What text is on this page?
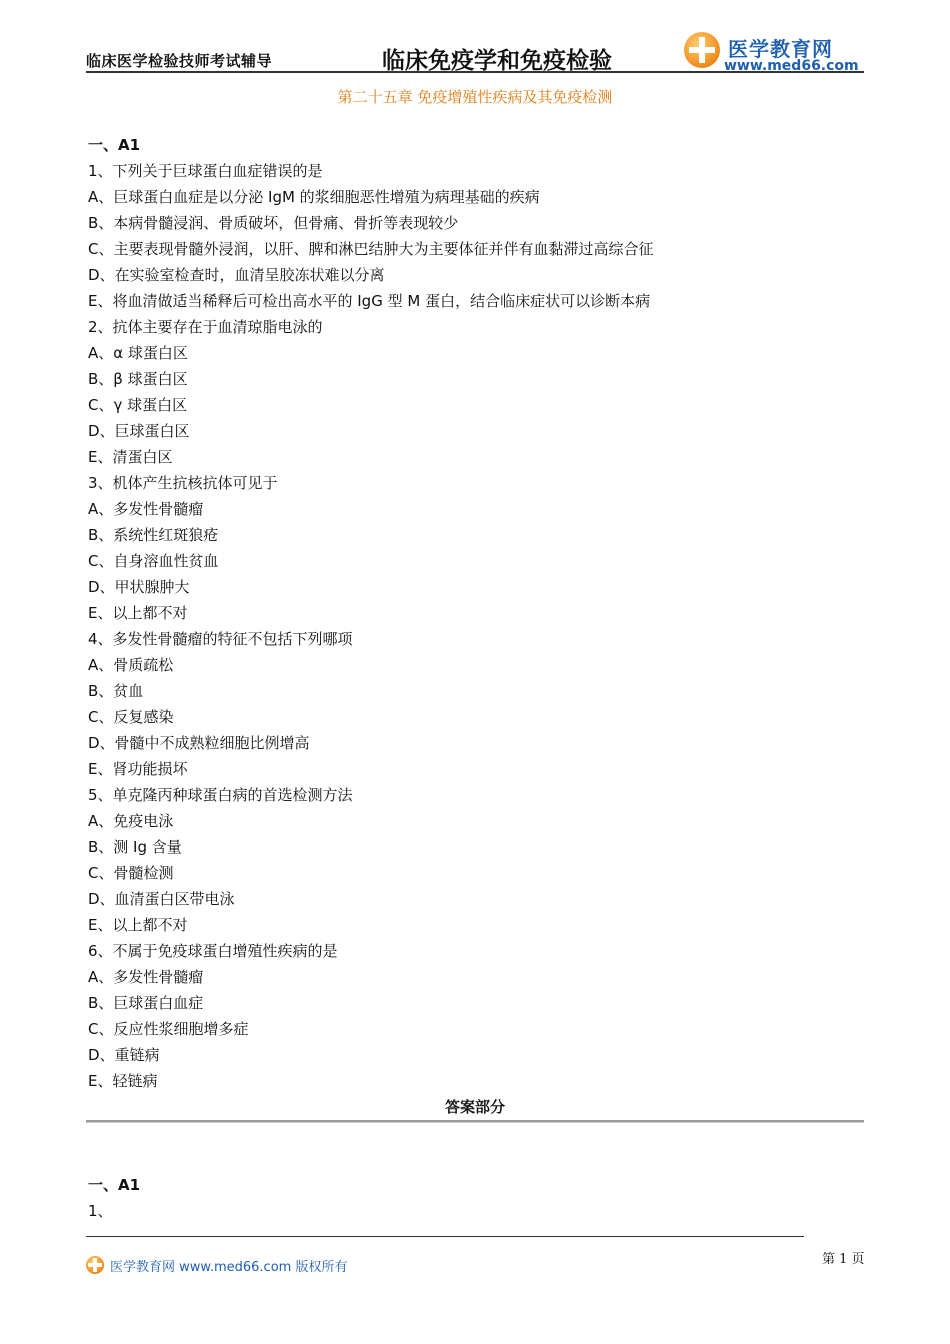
临床医学检验技师考试辅导	临床免疫学和免疫检验	医学教育网
www.med66.com
第二十五章 免疫增殖性疾病及其免疫检测
一、A1
1、下列关于巨球蛋白血症错误的是
A、巨球蛋白血症是以分泌 IgM 的浆细胞恶性增殖为病理基础的疾病
B、本病骨髓浸润、骨质破坏，但骨痛、骨折等表现较少
C、主要表现骨髓外浸润，以肝、脾和淋巴结肿大为主要体征并伴有血黏滞过高综合征
D、在实验室检查时，血清呈胶冻状难以分离
E、将血清做适当稀释后可检出高水平的 IgG 型 M 蛋白，结合临床症状可以诊断本病
2、抗体主要存在于血清琼脂电泳的
A、α 球蛋白区
B、β 球蛋白区
C、γ 球蛋白区
D、巨球蛋白区
E、清蛋白区
3、机体产生抗核抗体可见于
A、多发性骨髓瘤
B、系统性红斑狼疮
C、自身溶血性贫血
D、甲状腺肿大
E、以上都不对
4、多发性骨髓瘤的特征不包括下列哪项
A、骨质疏松
B、贫血
C、反复感染
D、骨髓中不成熟粒细胞比例增高
E、肾功能损坏
5、单克隆丙种球蛋白病的首选检测方法
A、免疫电泳
B、测 Ig 含量
C、骨髓检测
D、血清蛋白区带电泳
E、以上都不对
6、不属于免疫球蛋白增殖性疾病的是
A、多发性骨髓瘤
B、巨球蛋白血症
C、反应性浆细胞增多症
D、重链病
E、轻链病
答案部分
一、A1
1、
医学教育网 www.med66.com 版权所有
第 1 页
